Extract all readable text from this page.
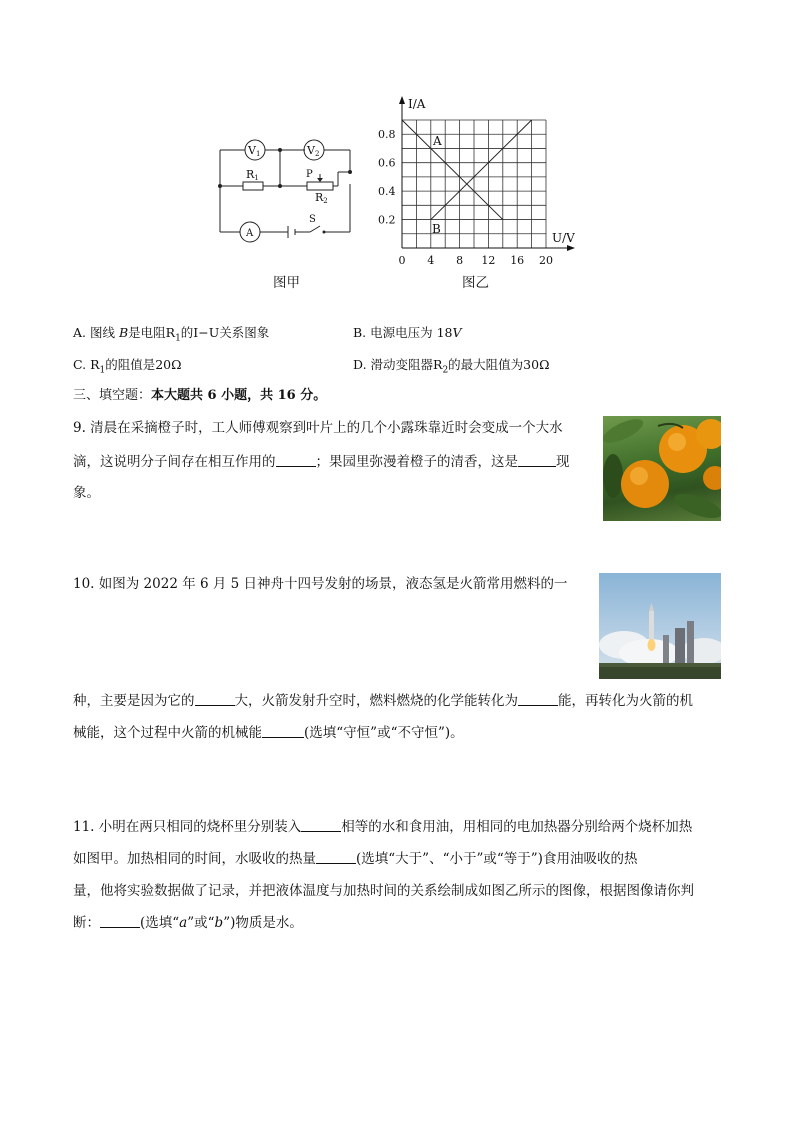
V1	V2
R1	P
R2
A
S
图甲
0.8
0.6
0.4
0.2
0 4 8 12 16 20
I/A
U/V
A
B
图乙
A. 图线 B是电阻$R_1$的I−U关系图象	B. 电源电压为 18V
C. $R_1$的阻值是20Ω	D. 滑动变阻器$R_2$的最大阻值为30Ω
三、填空题：本大题共 6 小题，共 16 分。
9. 清晨在采摘橙子时，工人师傅观察到叶片上的几个小露珠靠近时会变成一个大水
滴，这说明分子间存在相互作用的	；果园里弥漫着橙子的清香，这是	现
象。
10. 如图为 2022 年 6 月 5 日神舟十四号发射的场景，液态氢是火箭常用燃料的一
种，主要是因为它的	大，火箭发射升空时，燃料燃烧的化学能转化为	能，再转化为火箭的机
械能，这个过程中火箭的机械能	(选填“守恒”或“不守恒”)。
11. 小明在两只相同的烧杯里分别装入	相等的水和食用油，用相同的电加热器分别给两个烧杯加热
如图甲。加热相同的时间，水吸收的热量	(选填“大于”、“小于”或“等于”)食用油吸收的热
量，他将实验数据做了记录，并把液体温度与加热时间的关系绘制成如图乙所示的图像，根据图像请你判
断：	(选填“a”或“b”)物质是水。
